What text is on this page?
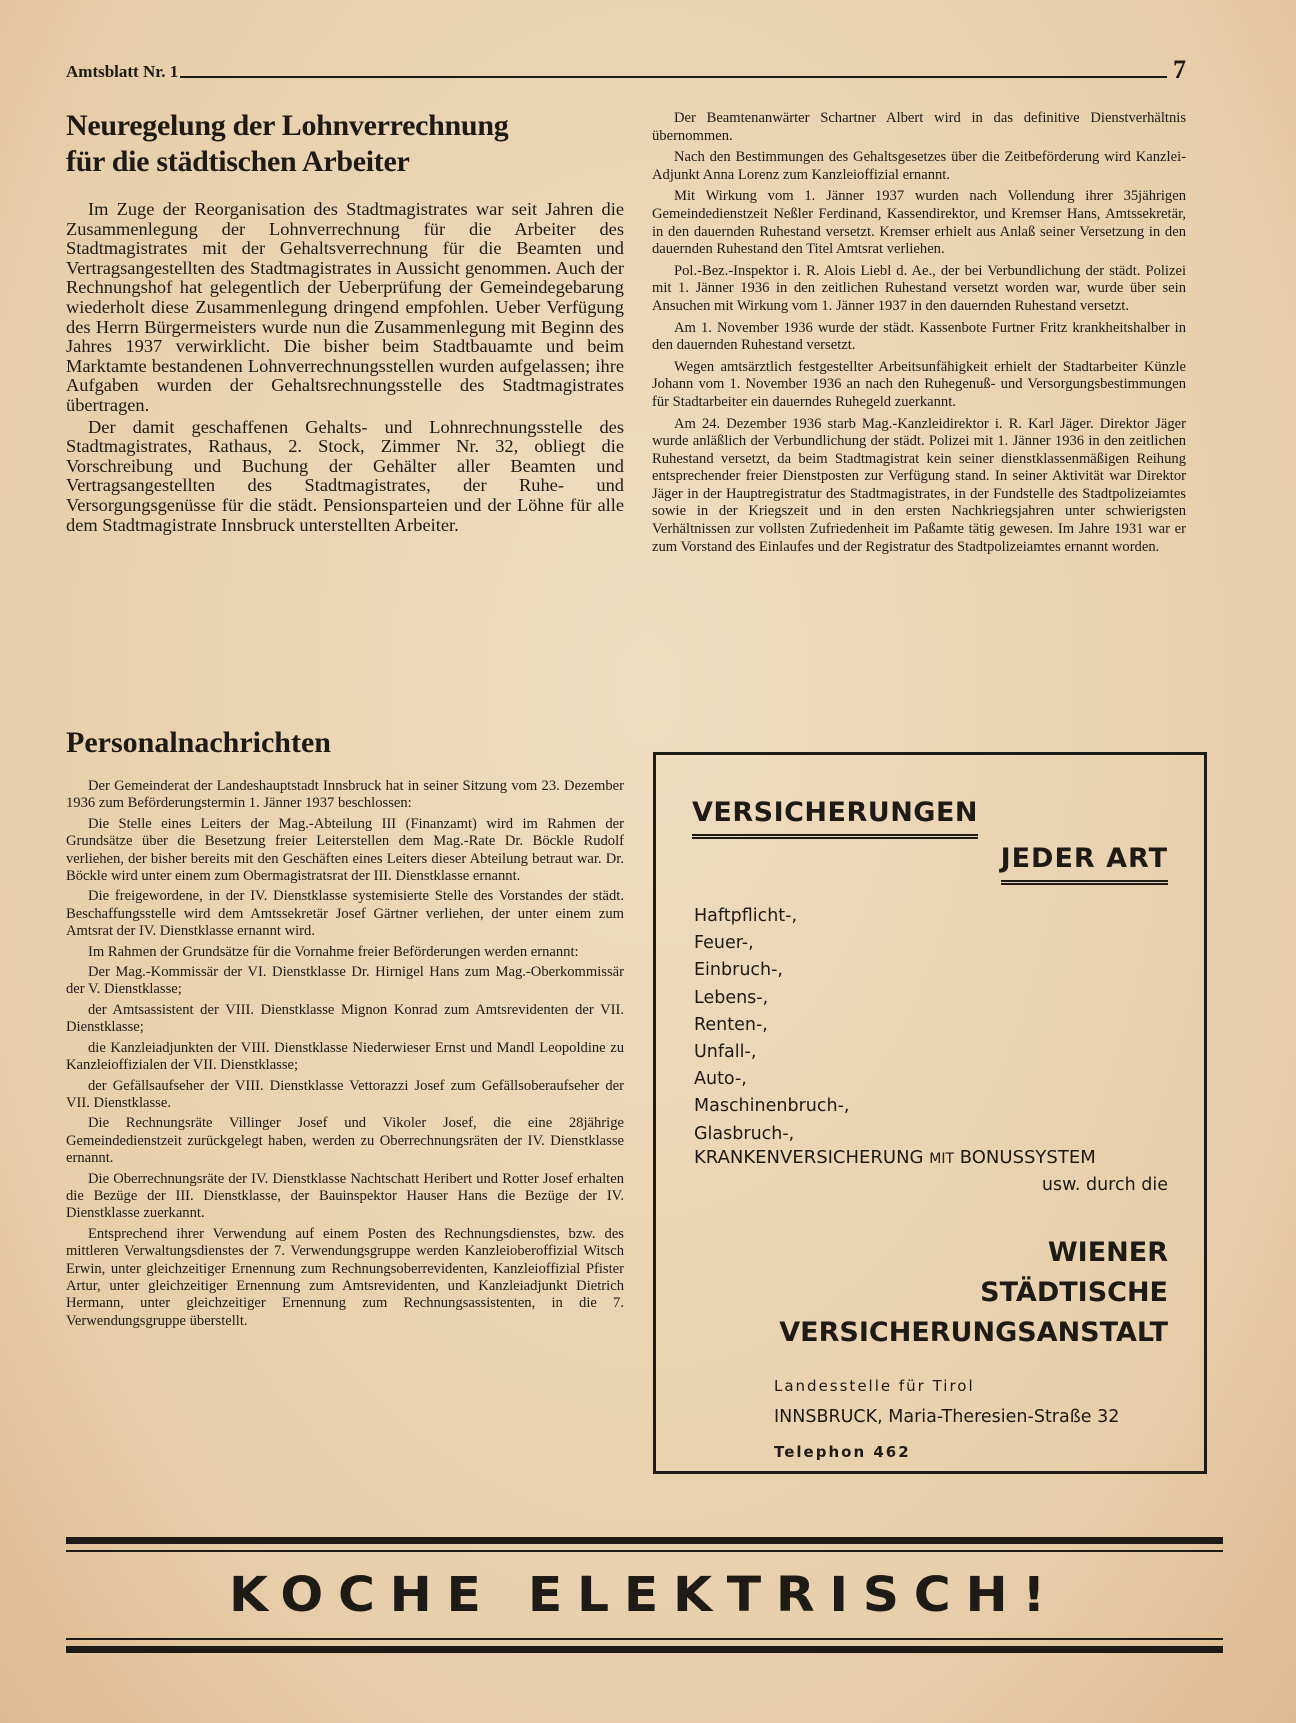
Amtsblatt Nr. 1	7
Neuregelung der Lohnverrechnung
für die städtischen Arbeiter

Im Zuge der Reorganisation des Stadtmagistrates war seit Jahren die Zusammenlegung der Lohnverrechnung für die Arbeiter des Stadtmagistrates mit der Gehaltsverrechnung für die Beamten und Vertragsangestellten des Stadtmagistrates in Aussicht genommen. Auch der Rechnungshof hat gelegentlich der Ueberprüfung der Gemeindegebarung wiederholt diese Zusammenlegung dringend empfohlen. Ueber Verfügung des Herrn Bürgermeisters wurde nun die Zusammenlegung mit Beginn des Jahres 1937 verwirklicht. Die bisher beim Stadtbauamte und beim Marktamte bestandenen Lohnverrechnungsstellen wurden aufgelassen; ihre Aufgaben wurden der Gehaltsrechnungsstelle des Stadtmagistrates übertragen.

Der damit geschaffenen Gehalts- und Lohnrechnungsstelle des Stadtmagistrates, Rathaus, 2. Stock, Zimmer Nr. 32, obliegt die Vorschreibung und Buchung der Gehälter aller Beamten und Vertragsangestellten des Stadtmagistrates, der Ruhe- und Versorgungsgenüsse für die städt. Pensionsparteien und der Löhne für alle dem Stadtmagistrate Innsbruck unterstellten Arbeiter.

Der Beamtenanwärter Schartner Albert wird in das definitive Dienstverhältnis übernommen.

Nach den Bestimmungen des Gehaltsgesetzes über die Zeitbeförderung wird Kanzlei-Adjunkt Anna Lorenz zum Kanzleioffizial ernannt.

Mit Wirkung vom 1. Jänner 1937 wurden nach Vollendung ihrer 35jährigen Gemeindedienstzeit Neßler Ferdinand, Kassendirektor, und Kremser Hans, Amtssekretär, in den dauernden Ruhestand versetzt. Kremser erhielt aus Anlaß seiner Versetzung in den dauernden Ruhestand den Titel Amtsrat verliehen.

Pol.-Bez.-Inspektor i. R. Alois Liebl d. Ae., der bei Verbundlichung der städt. Polizei mit 1. Jänner 1936 in den zeitlichen Ruhestand versetzt worden war, wurde über sein Ansuchen mit Wirkung vom 1. Jänner 1937 in den dauernden Ruhestand versetzt.

Am 1. November 1936 wurde der städt. Kassenbote Furtner Fritz krankheitshalber in den dauernden Ruhestand versetzt.

Wegen amtsärztlich festgestellter Arbeitsunfähigkeit erhielt der Stadtarbeiter Künzle Johann vom 1. November 1936 an nach den Ruhegenuß- und Versorgungsbestimmungen für Stadtarbeiter ein dauerndes Ruhegeld zuerkannt.

Am 24. Dezember 1936 starb Mag.-Kanzleidirektor i. R. Karl Jäger. Direktor Jäger wurde anläßlich der Verbundlichung der städt. Polizei mit 1. Jänner 1936 in den zeitlichen Ruhestand versetzt, da beim Stadtmagistrat kein seiner dienstklassenmäßigen Reihung entsprechender freier Dienstposten zur Verfügung stand. In seiner Aktivität war Direktor Jäger in der Hauptregistratur des Stadtmagistrates, in der Fundstelle des Stadtpolizeiamtes sowie in der Kriegszeit und in den ersten Nachkriegsjahren unter schwierigsten Verhältnissen zur vollsten Zufriedenheit im Paßamte tätig gewesen. Im Jahre 1931 war er zum Vorstand des Einlaufes und der Registratur des Stadtpolizeiamtes ernannt worden.

Personalnachrichten

Der Gemeinderat der Landeshauptstadt Innsbruck hat in seiner Sitzung vom 23. Dezember 1936 zum Beförderungstermin 1. Jänner 1937 beschlossen:

Die Stelle eines Leiters der Mag.-Abteilung III (Finanzamt) wird im Rahmen der Grundsätze über die Besetzung freier Leiterstellen dem Mag.-Rate Dr. Böckle Rudolf verliehen, der bisher bereits mit den Geschäften eines Leiters dieser Abteilung betraut war. Dr. Böckle wird unter einem zum Obermagistratsrat der III. Dienstklasse ernannt.

Die freigewordene, in der IV. Dienstklasse systemisierte Stelle des Vorstandes der städt. Beschaffungsstelle wird dem Amtssekretär Josef Gärtner verliehen, der unter einem zum Amtsrat der IV. Dienstklasse ernannt wird.

Im Rahmen der Grundsätze für die Vornahme freier Beförderungen werden ernannt:

Der Mag.-Kommissär der VI. Dienstklasse Dr. Hirnigel Hans zum Mag.-Oberkommissär der V. Dienstklasse;

der Amtsassistent der VIII. Dienstklasse Mignon Konrad zum Amtsrevidenten der VII. Dienstklasse;

die Kanzleiadjunkten der VIII. Dienstklasse Niederwieser Ernst und Mandl Leopoldine zu Kanzleioffizialen der VII. Dienstklasse;

der Gefällsaufseher der VIII. Dienstklasse Vettorazzi Josef zum Gefällsoberaufseher der VII. Dienstklasse.

Die Rechnungsräte Villinger Josef und Vikoler Josef, die eine 28jährige Gemeindedienstzeit zurückgelegt haben, werden zu Oberrechnungsräten der IV. Dienstklasse ernannt.

Die Oberrechnungsräte der IV. Dienstklasse Nachtschatt Heribert und Rotter Josef erhalten die Bezüge der III. Dienstklasse, der Bauinspektor Hauser Hans die Bezüge der IV. Dienstklasse zuerkannt.

Entsprechend ihrer Verwendung auf einem Posten des Rechnungsdienstes, bzw. des mittleren Verwaltungsdienstes der 7. Verwendungsgruppe werden Kanzleioberoffizial Witsch Erwin, unter gleichzeitiger Ernennung zum Rechnungsoberrevidenten, Kanzleioffizial Pfister Artur, unter gleichzeitiger Ernennung zum Amtsrevidenten, und Kanzleiadjunkt Dietrich Hermann, unter gleichzeitiger Ernennung zum Rechnungsassistenten, in die 7. Verwendungsgruppe überstellt.

VERSICHERUNGEN
JEDER ART
Haftpflicht-,
Feuer-,
Einbruch-,
Lebens-,
Renten-,
Unfall-,
Auto-,
Maschinenbruch-,
Glasbruch-,
KRANKENVERSICHERUNG MIT BONUSSYSTEM
usw. durch die
WIENER
STÄDTISCHE
VERSICHERUNGSANSTALT
Landesstelle für Tirol
INNSBRUCK, Maria-Theresien-Straße 32
Telephon 462
KOCHE ELEKTRISCH!
